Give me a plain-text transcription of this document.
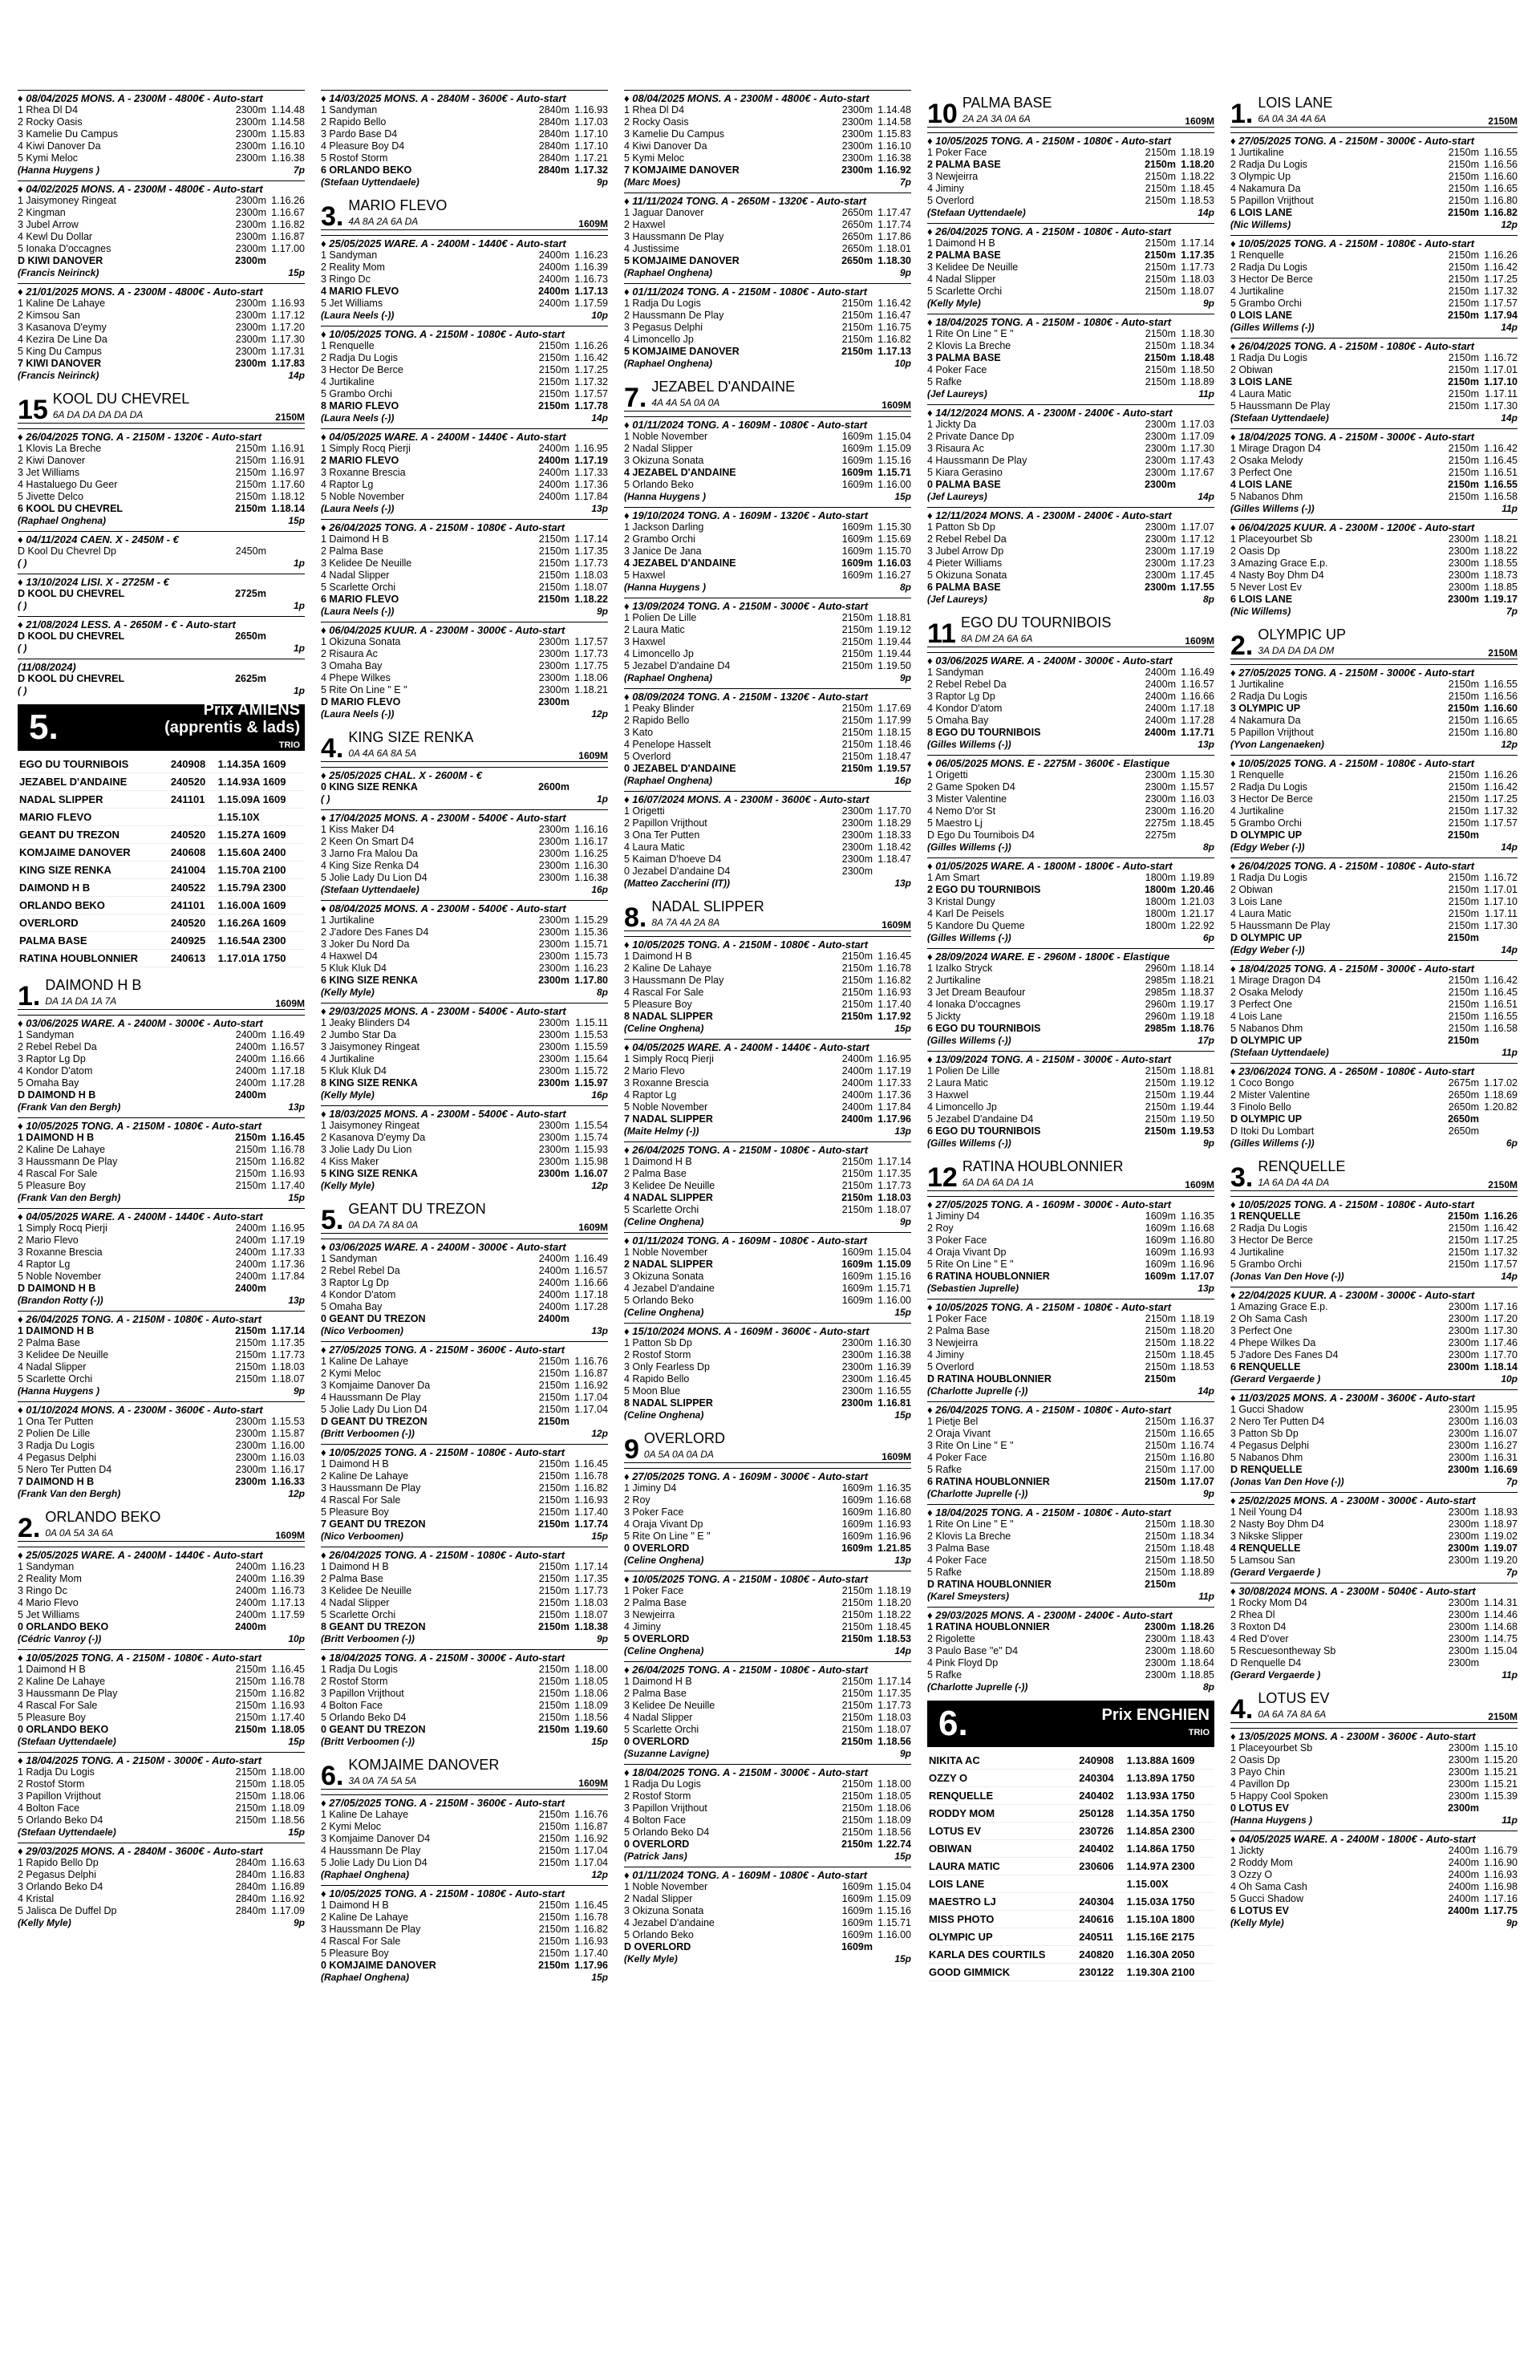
♦ 08/04/2025 MONS. A - 2300M - 4800€ - Auto-start
1 Rhea Dl D4	2300m 1.14.48
2 Rocky Oasis	2300m 1.14.58
3 Kamelie Du Campus	2300m 1.15.83
4 Kiwi Danover Da	2300m 1.16.10
5 Kymi Meloc	2300m 1.16.38
(Hanna Huygens )	7p
♦ 04/02/2025 MONS. A - 2300M - 4800€ - Auto-start
1 Jaisymoney Ringeat	2300m 1.16.26
2 Kingman	2300m 1.16.67
3 Jubel Arrow	2300m 1.16.82
4 Kewl Du Dollar	2300m 1.16.87
5 Ionaka D'occagnes	2300m 1.17.00
D KIWI DANOVER	2300m
(Francis Neirinck)	15p
♦ 21/01/2025 MONS. A - 2300M - 4800€ - Auto-start
1 Kaline De Lahaye	2300m 1.16.93
2 Kimsou San	2300m 1.17.12
3 Kasanova D'eymy	2300m 1.17.20
4 Kezira De Line Da	2300m 1.17.30
5 King Du Campus	2300m 1.17.31
7 KIWI DANOVER	2300m 1.17.83
(Francis Neirinck)	14p
15 KOOL DU CHEVREL
6A DA DA DA DA DA	2150M
♦ 26/04/2025 TONG. A - 2150M - 1320€ - Auto-start
1 Klovis La Breche	2150m 1.16.91
2 Kiwi Danover	2150m 1.16.91
3 Jet Williams	2150m 1.16.97
4 Hastaluego Du Geer	2150m 1.17.60
5 Jivette Delco	2150m 1.18.12
6 KOOL DU CHEVREL	2150m 1.18.14
(Raphael Onghena)	15p
♦ 04/11/2024 CAEN. X - 2450M - €
D Kool Du Chevrel Dp	2450m
( )	1p
♦ 13/10/2024 LISI. X - 2725M - €
D KOOL DU CHEVREL	2725m
( )	1p
♦ 21/08/2024 LESS. A - 2650M - € - Auto-start
D KOOL DU CHEVREL	2650m
( )	1p
(11/08/2024)
D KOOL DU CHEVREL	2625m
( )	1p
5.	Prix AMIENS
(apprentis & lads)
TRIO
EGO DU TOURNIBOIS	240908	1.14.35A 1609
JEZABEL D'ANDAINE	240520	1.14.93A 1609
NADAL SLIPPER	241101	1.15.09A 1609
MARIO FLEVO		1.15.10X
GEANT DU TREZON	240520	1.15.27A 1609
KOMJAIME DANOVER	240608	1.15.60A 2400
KING SIZE RENKA	241004	1.15.70A 2100
DAIMOND H B	240522	1.15.79A 2300
ORLANDO BEKO	241101	1.16.00A 1609
OVERLORD	240520	1.16.26A 1609
PALMA BASE	240925	1.16.54A 2300
RATINA HOUBLONNIER	240613	1.17.01A 1750
1. DAIMOND H B
DA 1A DA 1A 7A	1609M
♦ 03/06/2025 WARE. A - 2400M - 3000€ - Auto-start
1 Sandyman	2400m 1.16.49
2 Rebel Rebel Da	2400m 1.16.57
3 Raptor Lg Dp	2400m 1.16.66
4 Kondor D'atom	2400m 1.17.18
5 Omaha Bay	2400m 1.17.28
D DAIMOND H B	2400m
(Frank Van den Bergh)	13p
♦ 10/05/2025 TONG. A - 2150M - 1080€ - Auto-start
1 DAIMOND H B	2150m 1.16.45
2 Kaline De Lahaye	2150m 1.16.78
3 Haussmann De Play	2150m 1.16.82
4 Rascal For Sale	2150m 1.16.93
5 Pleasure Boy	2150m 1.17.40
(Frank Van den Bergh)	15p
♦ 04/05/2025 WARE. A - 2400M - 1440€ - Auto-start
1 Simply Rocq Pierji	2400m 1.16.95
2 Mario Flevo	2400m 1.17.19
3 Roxanne Brescia	2400m 1.17.33
4 Raptor Lg	2400m 1.17.36
5 Noble November	2400m 1.17.84
D DAIMOND H B	2400m
(Brandon Rotty (-))	13p
♦ 26/04/2025 TONG. A - 2150M - 1080€ - Auto-start
1 DAIMOND H B	2150m 1.17.14
2 Palma Base	2150m 1.17.35
3 Kelidee De Neuille	2150m 1.17.73
4 Nadal Slipper	2150m 1.18.03
5 Scarlette Orchi	2150m 1.18.07
(Hanna Huygens )	9p
♦ 01/10/2024 MONS. A - 2300M - 3600€ - Auto-start
1 Ona Ter Putten	2300m 1.15.53
2 Polien De Lille	2300m 1.15.87
3 Radja Du Logis	2300m 1.16.00
4 Pegasus Delphi	2300m 1.16.03
5 Nero Ter Putten D4	2300m 1.16.17
7 DAIMOND H B	2300m 1.16.33
(Frank Van den Bergh)	12p
2. ORLANDO BEKO
0A 0A 5A 3A 6A	1609M
♦ 25/05/2025 WARE. A - 2400M - 1440€ - Auto-start
1 Sandyman	2400m 1.16.23
2 Reality Mom	2400m 1.16.39
3 Ringo Dc	2400m 1.16.73
4 Mario Flevo	2400m 1.17.13
5 Jet Williams	2400m 1.17.59
0 ORLANDO BEKO	2400m
(Cédric Vanroy (-))	10p
♦ 10/05/2025 TONG. A - 2150M - 1080€ - Auto-start
1 Daimond H B	2150m 1.16.45
2 Kaline De Lahaye	2150m 1.16.78
3 Haussmann De Play	2150m 1.16.82
4 Rascal For Sale	2150m 1.16.93
5 Pleasure Boy	2150m 1.17.40
0 ORLANDO BEKO	2150m 1.18.05
(Stefaan Uyttendaele)	15p
♦ 18/04/2025 TONG. A - 2150M - 3000€ - Auto-start
1 Radja Du Logis	2150m 1.18.00
2 Rostof Storm	2150m 1.18.05
3 Papillon Vrijthout	2150m 1.18.06
4 Bolton Face	2150m 1.18.09
5 Orlando Beko D4	2150m 1.18.56
(Stefaan Uyttendaele)	15p
♦ 29/03/2025 MONS. A - 2840M - 3600€ - Auto-start
1 Rapido Bello Dp	2840m 1.16.63
2 Pegasus Delphi	2840m 1.16.83
3 Orlando Beko D4	2840m 1.16.89
4 Kristal	2840m 1.16.92
5 Jalisca De Duffel Dp	2840m 1.17.09
(Kelly Myle)	9p
♦ 14/03/2025 MONS. A - 2840M - 3600€ - Auto-start
1 Sandyman	2840m 1.16.93
2 Rapido Bello	2840m 1.17.03
3 Pardo Base D4	2840m 1.17.10
4 Pleasure Boy D4	2840m 1.17.10
5 Rostof Storm	2840m 1.17.21
6 ORLANDO BEKO	2840m 1.17.32
(Stefaan Uyttendaele)	9p
3. MARIO FLEVO
4A 8A 2A 6A DA	1609M
♦ 25/05/2025 WARE. A - 2400M - 1440€ - Auto-start
1 Sandyman	2400m 1.16.23
2 Reality Mom	2400m 1.16.39
3 Ringo Dc	2400m 1.16.73
4 MARIO FLEVO	2400m 1.17.13
5 Jet Williams	2400m 1.17.59
(Laura Neels (-))	10p
♦ 10/05/2025 TONG. A - 2150M - 1080€ - Auto-start
1 Renquelle	2150m 1.16.26
2 Radja Du Logis	2150m 1.16.42
3 Hector De Berce	2150m 1.17.25
4 Jurtikaline	2150m 1.17.32
5 Grambo Orchi	2150m 1.17.57
8 MARIO FLEVO	2150m 1.17.78
(Laura Neels (-))	14p
♦ 04/05/2025 WARE. A - 2400M - 1440€ - Auto-start
1 Simply Rocq Pierji	2400m 1.16.95
2 MARIO FLEVO	2400m 1.17.19
3 Roxanne Brescia	2400m 1.17.33
4 Raptor Lg	2400m 1.17.36
5 Noble November	2400m 1.17.84
(Laura Neels (-))	13p
♦ 26/04/2025 TONG. A - 2150M - 1080€ - Auto-start
1 Daimond H B	2150m 1.17.14
2 Palma Base	2150m 1.17.35
3 Kelidee De Neuille	2150m 1.17.73
4 Nadal Slipper	2150m 1.18.03
5 Scarlette Orchi	2150m 1.18.07
6 MARIO FLEVO	2150m 1.18.22
(Laura Neels (-))	9p
♦ 06/04/2025 KUUR. A - 2300M - 3000€ - Auto-start
1 Okizuna Sonata	2300m 1.17.57
2 Risaura Ac	2300m 1.17.73
3 Omaha Bay	2300m 1.17.75
4 Phepe Wilkes	2300m 1.18.06
5 Rite On Line " E "	2300m 1.18.21
D MARIO FLEVO	2300m
(Laura Neels (-))	12p
4. KING SIZE RENKA
0A 4A 6A 8A 5A	1609M
♦ 25/05/2025 CHAL. X - 2600M - €
0 KING SIZE RENKA	2600m
( )	1p
♦ 17/04/2025 MONS. A - 2300M - 5400€ - Auto-start
1 Kiss Maker D4	2300m 1.16.16
2 Keen On Smart D4	2300m 1.16.17
3 Jarno Fra Malou Da	2300m 1.16.25
4 King Size Renka D4	2300m 1.16.30
5 Jolie Lady Du Lion D4	2300m 1.16.38
(Stefaan Uyttendaele)	16p
♦ 08/04/2025 MONS. A - 2300M - 5400€ - Auto-start
1 Jurtikaline	2300m 1.15.29
2 J'adore Des Fanes D4	2300m 1.15.36
3 Joker Du Nord Da	2300m 1.15.71
4 Haxwel D4	2300m 1.15.73
5 Kluk Kluk D4	2300m 1.16.23
6 KING SIZE RENKA	2300m 1.17.80
(Kelly Myle)	8p
♦ 29/03/2025 MONS. A - 2300M - 5400€ - Auto-start
1 Jeaky Blinders D4	2300m 1.15.11
2 Jumbo Star Da	2300m 1.15.53
3 Jaisymoney Ringeat	2300m 1.15.59
4 Jurtikaline	2300m 1.15.64
5 Kluk Kluk D4	2300m 1.15.72
8 KING SIZE RENKA	2300m 1.15.97
(Kelly Myle)	16p
♦ 18/03/2025 MONS. A - 2300M - 5400€ - Auto-start
1 Jaisymoney Ringeat	2300m 1.15.54
2 Kasanova D'eymy Da	2300m 1.15.74
3 Jolie Lady Du Lion	2300m 1.15.93
4 Kiss Maker	2300m 1.15.98
5 KING SIZE RENKA	2300m 1.16.07
(Kelly Myle)	12p
5. GEANT DU TREZON
0A DA 7A 8A 0A	1609M
♦ 03/06/2025 WARE. A - 2400M - 3000€ - Auto-start
1 Sandyman	2400m 1.16.49
2 Rebel Rebel Da	2400m 1.16.57
3 Raptor Lg Dp	2400m 1.16.66
4 Kondor D'atom	2400m 1.17.18
5 Omaha Bay	2400m 1.17.28
0 GEANT DU TREZON	2400m
(Nico Verboomen)	13p
♦ 27/05/2025 TONG. A - 2150M - 3600€ - Auto-start
1 Kaline De Lahaye	2150m 1.16.76
2 Kymi Meloc	2150m 1.16.87
3 Komjaime Danover Da	2150m 1.16.92
4 Haussmann De Play	2150m 1.17.04
5 Jolie Lady Du Lion D4	2150m 1.17.04
D GEANT DU TREZON	2150m
(Britt Verboomen (-))	12p
♦ 10/05/2025 TONG. A - 2150M - 1080€ - Auto-start
1 Daimond H B	2150m 1.16.45
2 Kaline De Lahaye	2150m 1.16.78
3 Haussmann De Play	2150m 1.16.82
4 Rascal For Sale	2150m 1.16.93
5 Pleasure Boy	2150m 1.17.40
7 GEANT DU TREZON	2150m 1.17.74
(Nico Verboomen)	15p
♦ 26/04/2025 TONG. A - 2150M - 1080€ - Auto-start
1 Daimond H B	2150m 1.17.14
2 Palma Base	2150m 1.17.35
3 Kelidee De Neuille	2150m 1.17.73
4 Nadal Slipper	2150m 1.18.03
5 Scarlette Orchi	2150m 1.18.07
8 GEANT DU TREZON	2150m 1.18.38
(Britt Verboomen (-))	9p
♦ 18/04/2025 TONG. A - 2150M - 3000€ - Auto-start
1 Radja Du Logis	2150m 1.18.00
2 Rostof Storm	2150m 1.18.05
3 Papillon Vrijthout	2150m 1.18.06
4 Bolton Face	2150m 1.18.09
5 Orlando Beko D4	2150m 1.18.56
0 GEANT DU TREZON	2150m 1.19.60
(Britt Verboomen (-))	15p
6. KOMJAIME DANOVER
3A 0A 7A 5A 5A	1609M
♦ 27/05/2025 TONG. A - 2150M - 3600€ - Auto-start
1 Kaline De Lahaye	2150m 1.16.76
2 Kymi Meloc	2150m 1.16.87
3 Komjaime Danover D4	2150m 1.16.92
4 Haussmann De Play	2150m 1.17.04
5 Jolie Lady Du Lion D4	2150m 1.17.04
(Raphael Onghena)	12p
♦ 10/05/2025 TONG. A - 2150M - 1080€ - Auto-start
1 Daimond H B	2150m 1.16.45
2 Kaline De Lahaye	2150m 1.16.78
3 Haussmann De Play	2150m 1.16.82
4 Rascal For Sale	2150m 1.16.93
5 Pleasure Boy	2150m 1.17.40
0 KOMJAIME DANOVER	2150m 1.17.96
(Raphael Onghena)	15p
♦ 08/04/2025 MONS. A - 2300M - 4800€ - Auto-start
1 Rhea Dl D4	2300m 1.14.48
2 Rocky Oasis	2300m 1.14.58
3 Kamelie Du Campus	2300m 1.15.83
4 Kiwi Danover Da	2300m 1.16.10
5 Kymi Meloc	2300m 1.16.38
7 KOMJAIME DANOVER	2300m 1.16.92
(Marc Moes)	7p
♦ 11/11/2024 TONG. A - 2650M - 1320€ - Auto-start
1 Jaguar Danover	2650m 1.17.47
2 Haxwel	2650m 1.17.74
3 Haussmann De Play	2650m 1.17.86
4 Justissime	2650m 1.18.01
5 KOMJAIME DANOVER	2650m 1.18.30
(Raphael Onghena)	9p
♦ 01/11/2024 TONG. A - 2150M - 1080€ - Auto-start
1 Radja Du Logis	2150m 1.16.42
2 Haussmann De Play	2150m 1.16.47
3 Pegasus Delphi	2150m 1.16.75
4 Limoncello Jp	2150m 1.16.82
5 KOMJAIME DANOVER	2150m 1.17.13
(Raphael Onghena)	10p
7. JEZABEL D'ANDAINE
4A 4A 5A 0A 0A	1609M
♦ 01/11/2024 TONG. A - 1609M - 1080€ - Auto-start
1 Noble November	1609m 1.15.04
2 Nadal Slipper	1609m 1.15.09
3 Okizuna Sonata	1609m 1.15.16
4 JEZABEL D'ANDAINE	1609m 1.15.71
5 Orlando Beko	1609m 1.16.00
(Hanna Huygens )	15p
♦ 19/10/2024 TONG. A - 1609M - 1320€ - Auto-start
1 Jackson Darling	1609m 1.15.30
2 Grambo Orchi	1609m 1.15.69
3 Janice De Jana	1609m 1.15.70
4 JEZABEL D'ANDAINE	1609m 1.16.03
5 Haxwel	1609m 1.16.27
(Hanna Huygens )	8p
♦ 13/09/2024 TONG. A - 2150M - 3000€ - Auto-start
1 Polien De Lille	2150m 1.18.81
2 Laura Matic	2150m 1.19.12
3 Haxwel	2150m 1.19.44
4 Limoncello Jp	2150m 1.19.44
5 Jezabel D'andaine D4	2150m 1.19.50
(Raphael Onghena)	9p
♦ 08/09/2024 TONG. A - 2150M - 1320€ - Auto-start
1 Peaky Blinder	2150m 1.17.69
2 Rapido Bello	2150m 1.17.99
3 Kato	2150m 1.18.15
4 Penelope Hasselt	2150m 1.18.46
5 Overlord	2150m 1.18.47
0 JEZABEL D'ANDAINE	2150m 1.19.57
(Raphael Onghena)	16p
♦ 16/07/2024 MONS. A - 2300M - 3600€ - Auto-start
1 Origetti	2300m 1.17.70
2 Papillon Vrijthout	2300m 1.18.29
3 Ona Ter Putten	2300m 1.18.33
4 Laura Matic	2300m 1.18.42
5 Kaiman D'hoeve D4	2300m 1.18.47
0 Jezabel D'andaine D4	2300m
(Matteo Zaccherini (IT))	13p
8. NADAL SLIPPER
8A 7A 4A 2A 8A	1609M
♦ 10/05/2025 TONG. A - 2150M - 1080€ - Auto-start
1 Daimond H B	2150m 1.16.45
2 Kaline De Lahaye	2150m 1.16.78
3 Haussmann De Play	2150m 1.16.82
4 Rascal For Sale	2150m 1.16.93
5 Pleasure Boy	2150m 1.17.40
8 NADAL SLIPPER	2150m 1.17.92
(Celine Onghena)	15p
♦ 04/05/2025 WARE. A - 2400M - 1440€ - Auto-start
1 Simply Rocq Pierji	2400m 1.16.95
2 Mario Flevo	2400m 1.17.19
3 Roxanne Brescia	2400m 1.17.33
4 Raptor Lg	2400m 1.17.36
5 Noble November	2400m 1.17.84
7 NADAL SLIPPER	2400m 1.17.96
(Maite Helmy (-))	13p
♦ 26/04/2025 TONG. A - 2150M - 1080€ - Auto-start
1 Daimond H B	2150m 1.17.14
2 Palma Base	2150m 1.17.35
3 Kelidee De Neuille	2150m 1.17.73
4 NADAL SLIPPER	2150m 1.18.03
5 Scarlette Orchi	2150m 1.18.07
(Celine Onghena)	9p
♦ 01/11/2024 TONG. A - 1609M - 1080€ - Auto-start
1 Noble November	1609m 1.15.04
2 NADAL SLIPPER	1609m 1.15.09
3 Okizuna Sonata	1609m 1.15.16
4 Jezabel D'andaine	1609m 1.15.71
5 Orlando Beko	1609m 1.16.00
(Celine Onghena)	15p
♦ 15/10/2024 MONS. A - 1609M - 3600€ - Auto-start
1 Patton Sb Dp	2300m 1.16.30
2 Rostof Storm	2300m 1.16.38
3 Only Fearless Dp	2300m 1.16.39
4 Rapido Bello	2300m 1.16.45
5 Moon Blue	2300m 1.16.55
8 NADAL SLIPPER	2300m 1.16.81
(Celine Onghena)	15p
9 OVERLORD
0A 5A 0A 0A DA	1609M
♦ 27/05/2025 TONG. A - 1609M - 3000€ - Auto-start
1 Jiminy D4	1609m 1.16.35
2 Roy	1609m 1.16.68
3 Poker Face	1609m 1.16.80
4 Oraja Vivant Dp	1609m 1.16.93
5 Rite On Line " E "	1609m 1.16.96
0 OVERLORD	1609m 1.21.85
(Celine Onghena)	13p
♦ 10/05/2025 TONG. A - 2150M - 1080€ - Auto-start
1 Poker Face	2150m 1.18.19
2 Palma Base	2150m 1.18.20
3 Newjeirra	2150m 1.18.22
4 Jiminy	2150m 1.18.45
5 OVERLORD	2150m 1.18.53
(Celine Onghena)	14p
♦ 26/04/2025 TONG. A - 2150M - 1080€ - Auto-start
1 Daimond H B	2150m 1.17.14
2 Palma Base	2150m 1.17.35
3 Kelidee De Neuille	2150m 1.17.73
4 Nadal Slipper	2150m 1.18.03
5 Scarlette Orchi	2150m 1.18.07
0 OVERLORD	2150m 1.18.56
(Suzanne Lavigne)	9p
♦ 18/04/2025 TONG. A - 2150M - 3000€ - Auto-start
1 Radja Du Logis	2150m 1.18.00
2 Rostof Storm	2150m 1.18.05
3 Papillon Vrijthout	2150m 1.18.06
4 Bolton Face	2150m 1.18.09
5 Orlando Beko D4	2150m 1.18.56
0 OVERLORD	2150m 1.22.74
(Patrick Jans)	15p
♦ 01/11/2024 TONG. A - 1609M - 1080€ - Auto-start
1 Noble November	1609m 1.15.04
2 Nadal Slipper	1609m 1.15.09
3 Okizuna Sonata	1609m 1.15.16
4 Jezabel D'andaine	1609m 1.15.71
5 Orlando Beko	1609m 1.16.00
D OVERLORD	1609m
(Kelly Myle)	15p
10 PALMA BASE
2A 2A 3A 0A 6A	1609M
♦ 10/05/2025 TONG. A - 2150M - 1080€ - Auto-start
1 Poker Face	2150m 1.18.19
2 PALMA BASE	2150m 1.18.20
3 Newjeirra	2150m 1.18.22
4 Jiminy	2150m 1.18.45
5 Overlord	2150m 1.18.53
(Stefaan Uyttendaele)	14p
♦ 26/04/2025 TONG. A - 2150M - 1080€ - Auto-start
1 Daimond H B	2150m 1.17.14
2 PALMA BASE	2150m 1.17.35
3 Kelidee De Neuille	2150m 1.17.73
4 Nadal Slipper	2150m 1.18.03
5 Scarlette Orchi	2150m 1.18.07
(Kelly Myle)	9p
♦ 18/04/2025 TONG. A - 2150M - 1080€ - Auto-start
1 Rite On Line " E "	2150m 1.18.30
2 Klovis La Breche	2150m 1.18.34
3 PALMA BASE	2150m 1.18.48
4 Poker Face	2150m 1.18.50
5 Rafke	2150m 1.18.89
(Jef Laureys)	11p
♦ 14/12/2024 MONS. A - 2300M - 2400€ - Auto-start
1 Jickty Da	2300m 1.17.03
2 Private Dance Dp	2300m 1.17.09
3 Risaura Ac	2300m 1.17.30
4 Haussmann De Play	2300m 1.17.43
5 Kiara Gerasino	2300m 1.17.67
0 PALMA BASE	2300m
(Jef Laureys)	14p
♦ 12/11/2024 MONS. A - 2300M - 2400€ - Auto-start
1 Patton Sb Dp	2300m 1.17.07
2 Rebel Rebel Da	2300m 1.17.12
3 Jubel Arrow Dp	2300m 1.17.19
4 Pieter Williams	2300m 1.17.23
5 Okizuna Sonata	2300m 1.17.45
6 PALMA BASE	2300m 1.17.55
(Jef Laureys)	8p
11 EGO DU TOURNIBOIS
8A DM 2A 6A 6A	1609M
♦ 03/06/2025 WARE. A - 2400M - 3000€ - Auto-start
1 Sandyman	2400m 1.16.49
2 Rebel Rebel Da	2400m 1.16.57
3 Raptor Lg Dp	2400m 1.16.66
4 Kondor D'atom	2400m 1.17.18
5 Omaha Bay	2400m 1.17.28
8 EGO DU TOURNIBOIS	2400m 1.17.71
(Gilles Willems (-))	13p
♦ 06/05/2025 MONS. E - 2275M - 3600€ - Elastique
1 Origetti	2300m 1.15.30
2 Game Spoken D4	2300m 1.15.57
3 Mister Valentine	2300m 1.16.03
4 Nemo D'or St	2300m 1.16.20
5 Maestro Lj	2275m 1.18.45
D Ego Du Tournibois D4	2275m
(Gilles Willems (-))	8p
♦ 01/05/2025 WARE. A - 1800M - 1800€ - Auto-start
1 Am Smart	1800m 1.19.89
2 EGO DU TOURNIBOIS	1800m 1.20.46
3 Kristal Dungy	1800m 1.21.03
4 Karl De Peisels	1800m 1.21.17
5 Kandore Du Queme	1800m 1.22.92
(Gilles Willems (-))	6p
♦ 28/09/2024 WARE. E - 2960M - 1800€ - Elastique
1 Izalko Stryck	2960m 1.18.14
2 Jurtikaline	2985m 1.18.21
3 Jet Dream Beaufour	2985m 1.18.37
4 Ionaka D'occagnes	2960m 1.19.17
5 Jickty	2960m 1.19.18
6 EGO DU TOURNIBOIS	2985m 1.18.76
(Gilles Willems (-))	17p
♦ 13/09/2024 TONG. A - 2150M - 3000€ - Auto-start
1 Polien De Lille	2150m 1.18.81
2 Laura Matic	2150m 1.19.12
3 Haxwel	2150m 1.19.44
4 Limoncello Jp	2150m 1.19.44
5 Jezabel D'andaine D4	2150m 1.19.50
6 EGO DU TOURNIBOIS	2150m 1.19.53
(Gilles Willems (-))	9p
12 RATINA HOUBLONNIER
6A DA 6A DA 1A	1609M
♦ 27/05/2025 TONG. A - 1609M - 3000€ - Auto-start
1 Jiminy D4	1609m 1.16.35
2 Roy	1609m 1.16.68
3 Poker Face	1609m 1.16.80
4 Oraja Vivant Dp	1609m 1.16.93
5 Rite On Line " E "	1609m 1.16.96
6 RATINA HOUBLONNIER	1609m 1.17.07
(Sebastien Juprelle)	13p
♦ 10/05/2025 TONG. A - 2150M - 1080€ - Auto-start
1 Poker Face	2150m 1.18.19
2 Palma Base	2150m 1.18.20
3 Newjeirra	2150m 1.18.22
4 Jiminy	2150m 1.18.45
5 Overlord	2150m 1.18.53
D RATINA HOUBLONNIER	2150m
(Charlotte Juprelle (-))	14p
♦ 26/04/2025 TONG. A - 2150M - 1080€ - Auto-start
1 Pietje Bel	2150m 1.16.37
2 Oraja Vivant	2150m 1.16.65
3 Rite On Line " E "	2150m 1.16.74
4 Poker Face	2150m 1.16.80
5 Rafke	2150m 1.17.00
6 RATINA HOUBLONNIER	2150m 1.17.07
(Charlotte Juprelle (-))	9p
♦ 18/04/2025 TONG. A - 2150M - 1080€ - Auto-start
1 Rite On Line " E "	2150m 1.18.30
2 Klovis La Breche	2150m 1.18.34
3 Palma Base	2150m 1.18.48
4 Poker Face	2150m 1.18.50
5 Rafke	2150m 1.18.89
D RATINA HOUBLONNIER	2150m
(Karel Smeysters)	11p
♦ 29/03/2025 MONS. A - 2300M - 2400€ - Auto-start
1 RATINA HOUBLONNIER	2300m 1.18.26
2 Rigolette	2300m 1.18.43
3 Paulo Base "e" D4	2300m 1.18.60
4 Pink Floyd Dp	2300m 1.18.64
5 Rafke	2300m 1.18.85
(Charlotte Juprelle (-))	8p
6.	Prix ENGHIEN

TRIO
NIKITA AC	240908	1.13.88A 1609
OZZY O	240304	1.13.89A 1750
RENQUELLE	240402	1.13.93A 1750
RODDY MOM	250128	1.14.35A 1750
LOTUS EV	230726	1.14.85A 2300
OBIWAN	240402	1.14.86A 1750
LAURA MATIC	230606	1.14.97A 2300
LOIS LANE		1.15.00X
MAESTRO LJ	240304	1.15.03A 1750
MISS PHOTO	240616	1.15.10A 1800
OLYMPIC UP	240511	1.15.16E 2175
KARLA DES COURTILS	240820	1.16.30A 2050
GOOD GIMMICK	230122	1.19.30A 2100
1. LOIS LANE
6A 0A 3A 4A 6A	2150M
♦ 27/05/2025 TONG. A - 2150M - 3000€ - Auto-start
1 Jurtikaline	2150m 1.16.55
2 Radja Du Logis	2150m 1.16.56
3 Olympic Up	2150m 1.16.60
4 Nakamura Da	2150m 1.16.65
5 Papillon Vrijthout	2150m 1.16.80
6 LOIS LANE	2150m 1.16.82
(Nic Willems)	12p
♦ 10/05/2025 TONG. A - 2150M - 1080€ - Auto-start
1 Renquelle	2150m 1.16.26
2 Radja Du Logis	2150m 1.16.42
3 Hector De Berce	2150m 1.17.25
4 Jurtikaline	2150m 1.17.32
5 Grambo Orchi	2150m 1.17.57
0 LOIS LANE	2150m 1.17.94
(Gilles Willems (-))	14p
♦ 26/04/2025 TONG. A - 2150M - 1080€ - Auto-start
1 Radja Du Logis	2150m 1.16.72
2 Obiwan	2150m 1.17.01
3 LOIS LANE	2150m 1.17.10
4 Laura Matic	2150m 1.17.11
5 Haussmann De Play	2150m 1.17.30
(Stefaan Uyttendaele)	14p
♦ 18/04/2025 TONG. A - 2150M - 3000€ - Auto-start
1 Mirage Dragon D4	2150m 1.16.42
2 Osaka Melody	2150m 1.16.45
3 Perfect One	2150m 1.16.51
4 LOIS LANE	2150m 1.16.55
5 Nabanos Dhm	2150m 1.16.58
(Gilles Willems (-))	11p
♦ 06/04/2025 KUUR. A - 2300M - 1200€ - Auto-start
1 Placeyourbet Sb	2300m 1.18.21
2 Oasis Dp	2300m 1.18.22
3 Amazing Grace E.p.	2300m 1.18.55
4 Nasty Boy Dhm D4	2300m 1.18.73
5 Never Lost Ev	2300m 1.18.85
6 LOIS LANE	2300m 1.19.17
(Nic Willems)	7p
2. OLYMPIC UP
3A DA DA DA DM	2150M
♦ 27/05/2025 TONG. A - 2150M - 3000€ - Auto-start
1 Jurtikaline	2150m 1.16.55
2 Radja Du Logis	2150m 1.16.56
3 OLYMPIC UP	2150m 1.16.60
4 Nakamura Da	2150m 1.16.65
5 Papillon Vrijthout	2150m 1.16.80
(Yvon Langenaeken)	12p
♦ 10/05/2025 TONG. A - 2150M - 1080€ - Auto-start
1 Renquelle	2150m 1.16.26
2 Radja Du Logis	2150m 1.16.42
3 Hector De Berce	2150m 1.17.25
4 Jurtikaline	2150m 1.17.32
5 Grambo Orchi	2150m 1.17.57
D OLYMPIC UP	2150m
(Edgy Weber (-))	14p
♦ 26/04/2025 TONG. A - 2150M - 1080€ - Auto-start
1 Radja Du Logis	2150m 1.16.72
2 Obiwan	2150m 1.17.01
3 Lois Lane	2150m 1.17.10
4 Laura Matic	2150m 1.17.11
5 Haussmann De Play	2150m 1.17.30
D OLYMPIC UP	2150m
(Edgy Weber (-))	14p
♦ 18/04/2025 TONG. A - 2150M - 3000€ - Auto-start
1 Mirage Dragon D4	2150m 1.16.42
2 Osaka Melody	2150m 1.16.45
3 Perfect One	2150m 1.16.51
4 Lois Lane	2150m 1.16.55
5 Nabanos Dhm	2150m 1.16.58
D OLYMPIC UP	2150m
(Stefaan Uyttendaele)	11p
♦ 23/06/2024 TONG. A - 2650M - 1080€ - Auto-start
1 Coco Bongo	2675m 1.17.02
2 Mister Valentine	2650m 1.18.69
3 Finolo Bello	2650m 1.20.82
D OLYMPIC UP	2650m
D Itoki Du Lombart	2650m
(Gilles Willems (-))	6p
3. RENQUELLE
1A 6A DA 4A DA	2150M
♦ 10/05/2025 TONG. A - 2150M - 1080€ - Auto-start
1 RENQUELLE	2150m 1.16.26
2 Radja Du Logis	2150m 1.16.42
3 Hector De Berce	2150m 1.17.25
4 Jurtikaline	2150m 1.17.32
5 Grambo Orchi	2150m 1.17.57
(Jonas Van Den Hove (-))	14p
♦ 22/04/2025 KUUR. A - 2300M - 3000€ - Auto-start
1 Amazing Grace E.p.	2300m 1.17.16
2 Oh Sama Cash	2300m 1.17.20
3 Perfect One	2300m 1.17.30
4 Phepe Wilkes Da	2300m 1.17.46
5 J'adore Des Fanes D4	2300m 1.17.70
6 RENQUELLE	2300m 1.18.14
(Gerard Vergaerde )	10p
♦ 11/03/2025 MONS. A - 2300M - 3600€ - Auto-start
1 Gucci Shadow	2300m 1.15.95
2 Nero Ter Putten D4	2300m 1.16.03
3 Patton Sb Dp	2300m 1.16.07
4 Pegasus Delphi	2300m 1.16.27
5 Nabanos Dhm	2300m 1.16.31
D RENQUELLE	2300m 1.16.69
(Jonas Van Den Hove (-))	7p
♦ 25/02/2025 MONS. A - 2300M - 3000€ - Auto-start
1 Neil Young D4	2300m 1.18.93
2 Nasty Boy Dhm D4	2300m 1.18.97
3 Nikske Slipper	2300m 1.19.02
4 RENQUELLE	2300m 1.19.07
5 Lamsou San	2300m 1.19.20
(Gerard Vergaerde )	7p
♦ 30/08/2024 MONS. A - 2300M - 5040€ - Auto-start
1 Rocky Mom D4	2300m 1.14.31
2 Rhea Dl	2300m 1.14.46
3 Roxton D4	2300m 1.14.68
4 Red D'over	2300m 1.14.75
5 Rescuesontheway Sb	2300m 1.15.04
D Renquelle D4	2300m
(Gerard Vergaerde )	11p
4. LOTUS EV
0A 6A 7A 8A 6A	2150M
♦ 13/05/2025 MONS. A - 2300M - 3600€ - Auto-start
1 Placeyourbet Sb	2300m 1.15.10
2 Oasis Dp	2300m 1.15.20
3 Payo Chin	2300m 1.15.21
4 Pavillon Dp	2300m 1.15.21
5 Happy Cool Spoken	2300m 1.15.39
0 LOTUS EV	2300m
(Hanna Huygens )	11p
♦ 04/05/2025 WARE. A - 2400M - 1800€ - Auto-start
1 Jickty	2400m 1.16.79
2 Roddy Mom	2400m 1.16.90
3 Ozzy O	2400m 1.16.93
4 Oh Sama Cash	2400m 1.16.98
5 Gucci Shadow	2400m 1.17.16
6 LOTUS EV	2400m 1.17.75
(Kelly Myle)	9p
